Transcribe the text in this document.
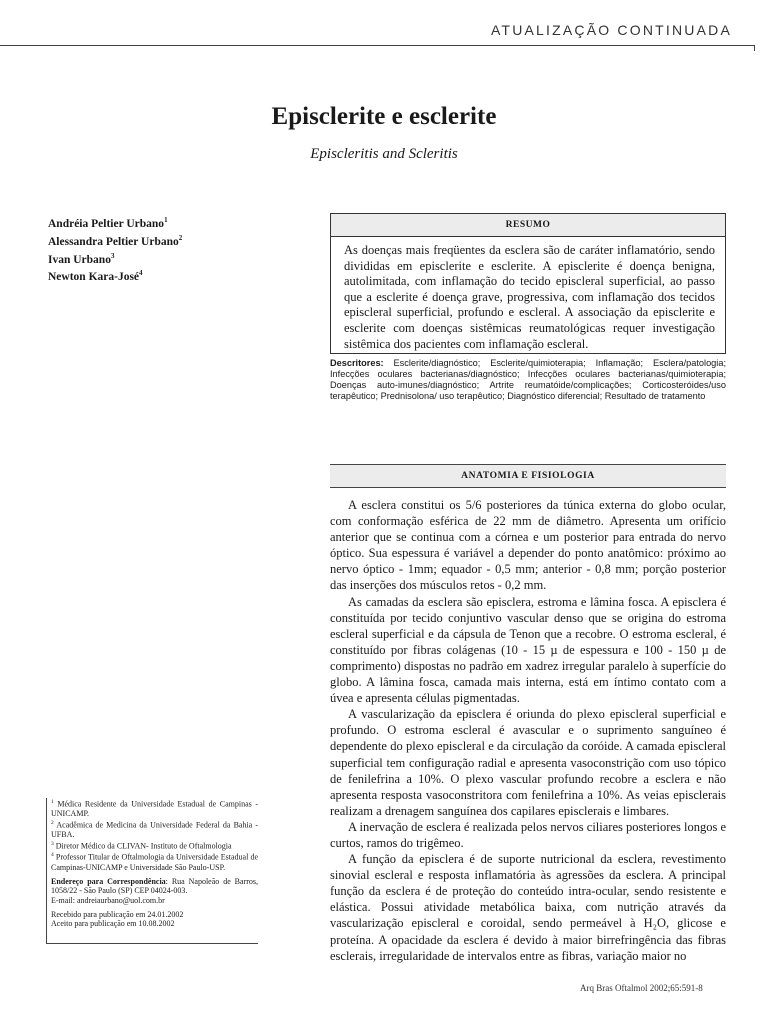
ATUALIZAÇÃO CONTINUADA
Episclerite e esclerite
Episcleritis and Scleritis
Andréia Peltier Urbano$^1$
Alessandra Peltier Urbano$^2$
Ivan Urbano$^3$
Newton Kara-José$^4$
RESUMO
As doenças mais freqüentes da esclera são de caráter inflamatório, sendo divididas em episclerite e esclerite. A episclerite é doença benigna, autolimitada, com inflamação do tecido episcleral superficial, ao passo que a esclerite é doença grave, progressiva, com inflamação dos tecidos episcleral superficial, profundo e escleral. A associação da episclerite e esclerite com doenças sistêmicas reumatológicas requer investigação sistêmica dos pacientes com inflamação escleral.
Descritores: Esclerite/diagnóstico; Esclerite/quimioterapia; Inflamação; Esclera/patologia; Infecções oculares bacterianas/diagnóstico; Infecções oculares bacterianas/quimioterapia; Doenças auto-imunes/diagnóstico; Artrite reumatóide/complicações; Corticosteróides/uso terapêutico; Prednisolona/ uso terapêutico; Diagnóstico diferencial; Resultado de tratamento
ANATOMIA E FISIOLOGIA

A esclera constitui os 5/6 posteriores da túnica externa do globo ocular, com conformação esférica de 22 mm de diâmetro. Apresenta um orifício anterior que se continua com a córnea e um posterior para entrada do nervo óptico. Sua espessura é variável a depender do ponto anatômico: próximo ao nervo óptico - 1mm; equador - 0,5 mm; anterior - 0,8 mm; porção posterior das inserções dos músculos retos - 0,2 mm.

As camadas da esclera são episclera, estroma e lâmina fosca. A episclera é constituída por tecido conjuntivo vascular denso que se origina do estroma escleral superficial e da cápsula de Tenon que a recobre. O estroma escleral, é constituído por fibras colágenas (10 - 15 µ de espessura e 100 - 150 µ de comprimento) dispostas no padrão em xadrez irregular paralelo à superfície do globo. A lâmina fosca, camada mais interna, está em íntimo contato com a úvea e apresenta células pigmentadas.

A vascularização da episclera é oriunda do plexo episcleral superficial e profundo. O estroma escleral é avascular e o suprimento sanguíneo é dependente do plexo episcleral e da circulação da coróide. A camada episcleral superficial tem configuração radial e apresenta vasoconstrição com uso tópico de fenilefrina a 10%. O plexo vascular profundo recobre a esclera e não apresenta resposta vasoconstritora com fenilefrina a 10%. As veias episclerais realizam a drenagem sanguínea dos capilares episclerais e limbares.

A inervação de esclera é realizada pelos nervos ciliares posteriores longos e curtos, ramos do trigêmeo.

A função da episclera é de suporte nutricional da esclera, revestimento sinovial escleral e resposta inflamatória às agressões da esclera. A principal função da esclera é de proteção do conteúdo intra-ocular, sendo resistente e elástica. Possui atividade metabólica baixa, com nutrição através da vascularização episcleral e coroidal, sendo permeável à H₂O, glicose e proteína. A opacidade da esclera é devido à maior birrefringência das fibras esclerais, irregularidade de intervalos entre as fibras, variação maior no

$^1$ Médica Residente da Universidade Estadual de Campinas - UNICAMP.

$^2$ Acadêmica de Medicina da Universidade Federal da Bahia - UFBA.

$^3$ Diretor Médico da CLIVAN- Instituto de Oftalmologia

$^4$ Professor Titular de Oftalmologia da Universidade Estadual de Campinas-UNICAMP e Universidade São Paulo-USP.

Endereço para Correspondência: Rua Napoleão de Barros, 1058/22 - São Paulo (SP) CEP 04024-003.

E-mail: andreiaurbano@uol.com.br

Recebido para publicação em 24.01.2002

Aceito para publicação em 10.08.2002

Arq Bras Oftalmol 2002;65:591-8
